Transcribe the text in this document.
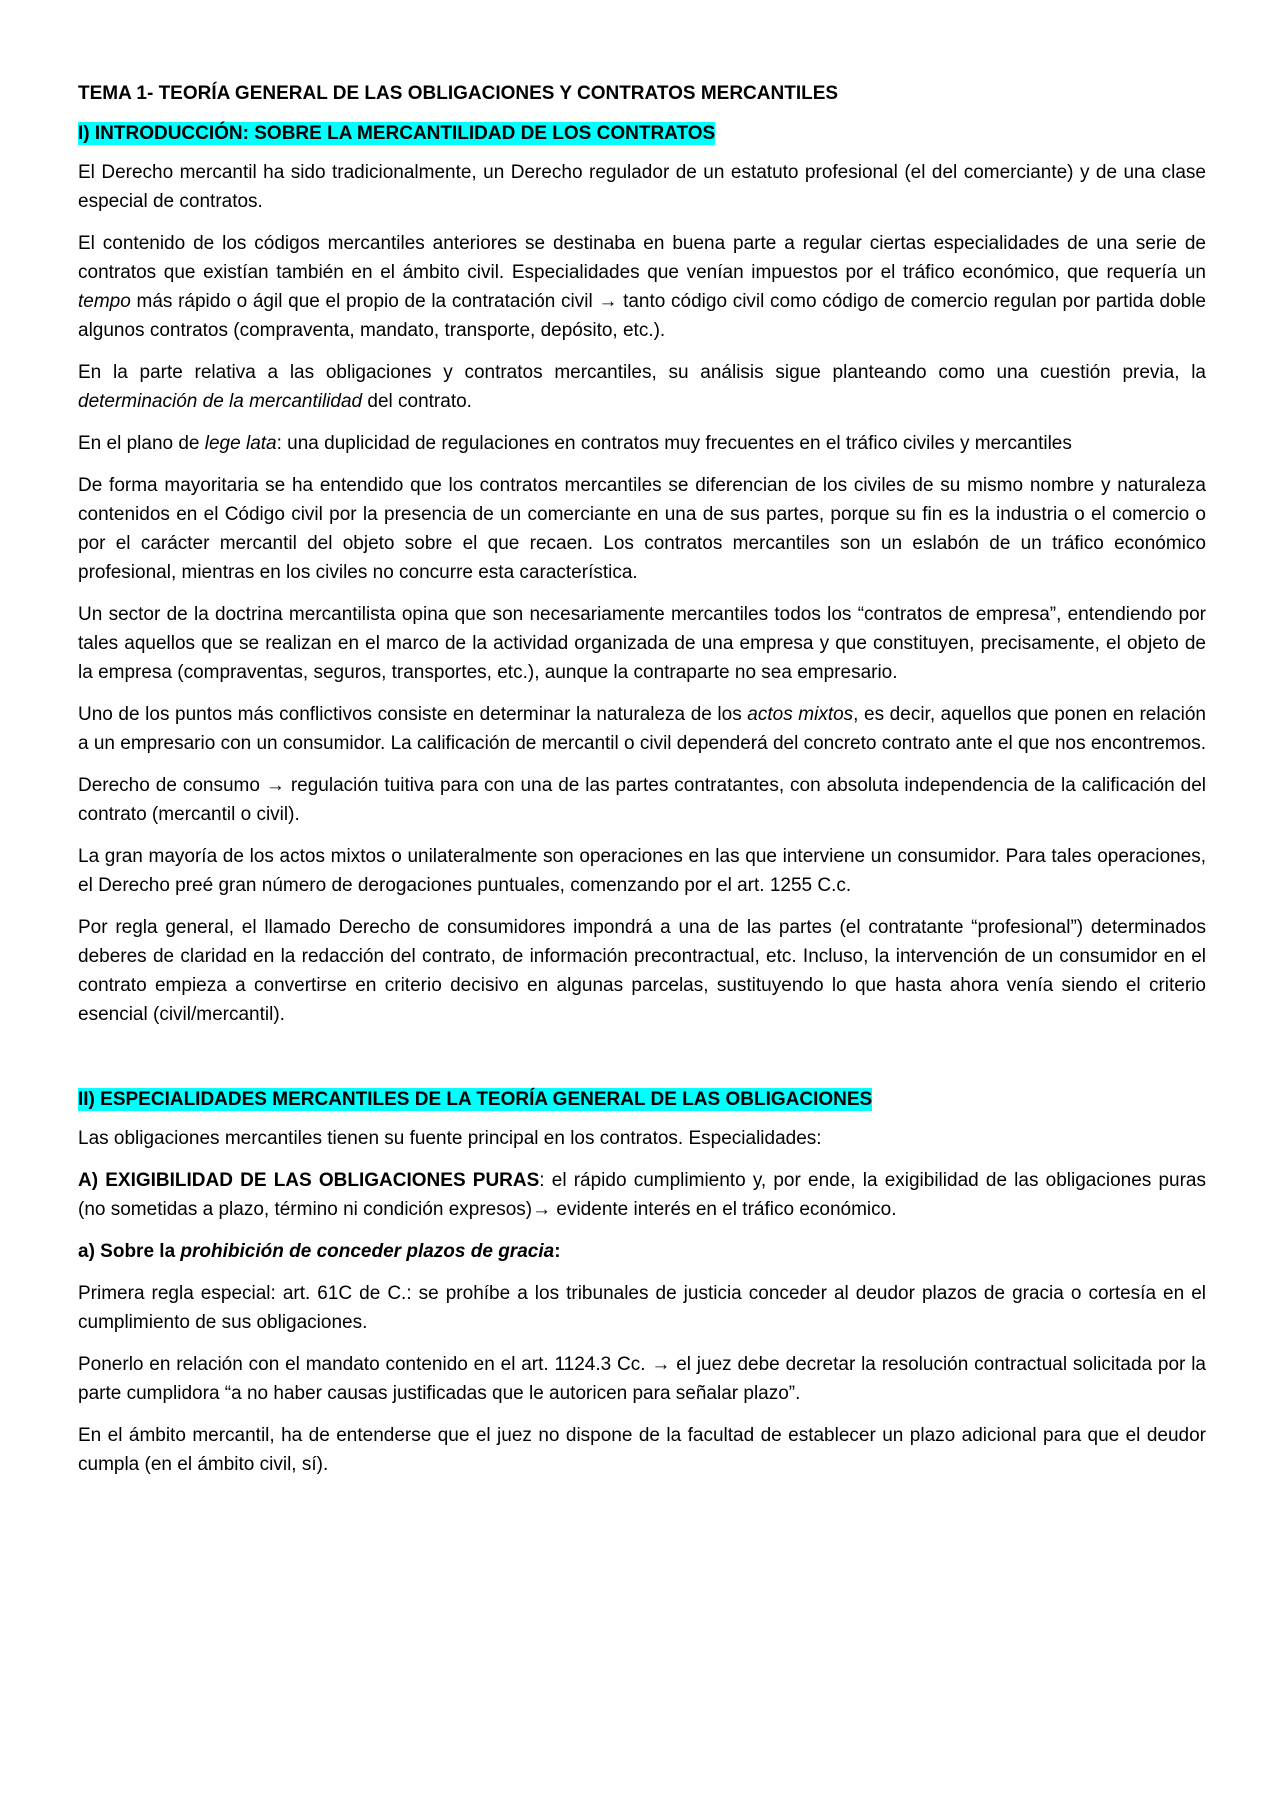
TEMA 1- TEORÍA GENERAL DE LAS OBLIGACIONES Y CONTRATOS MERCANTILES
I) INTRODUCCIÓN: SOBRE LA MERCANTILIDAD DE LOS CONTRATOS

El Derecho mercantil ha sido tradicionalmente, un Derecho regulador de un estatuto profesional (el del comerciante) y de una clase especial de contratos.

El contenido de los códigos mercantiles anteriores se destinaba en buena parte a regular ciertas especialidades de una serie de contratos que existían también en el ámbito civil. Especialidades que venían impuestos por el tráfico económico, que requería un tempo más rápido o ágil que el propio de la contratación civil → tanto código civil como código de comercio regulan por partida doble algunos contratos (compraventa, mandato, transporte, depósito, etc.).

En la parte relativa a las obligaciones y contratos mercantiles, su análisis sigue planteando como una cuestión previa, la determinación de la mercantilidad del contrato.

En el plano de lege lata: una duplicidad de regulaciones en contratos muy frecuentes en el tráfico civiles y mercantiles

De forma mayoritaria se ha entendido que los contratos mercantiles se diferencian de los civiles de su mismo nombre y naturaleza contenidos en el Código civil por la presencia de un comerciante en una de sus partes, porque su fin es la industria o el comercio o por el carácter mercantil del objeto sobre el que recaen. Los contratos mercantiles son un eslabón de un tráfico económico profesional, mientras en los civiles no concurre esta característica.

Un sector de la doctrina mercantilista opina que son necesariamente mercantiles todos los “contratos de empresa”, entendiendo por tales aquellos que se realizan en el marco de la actividad organizada de una empresa y que constituyen, precisamente, el objeto de la empresa (compraventas, seguros, transportes, etc.), aunque la contraparte no sea empresario.

Uno de los puntos más conflictivos consiste en determinar la naturaleza de los actos mixtos, es decir, aquellos que ponen en relación a un empresario con un consumidor. La calificación de mercantil o civil dependerá del concreto contrato ante el que nos encontremos.

Derecho de consumo → regulación tuitiva para con una de las partes contratantes, con absoluta independencia de la calificación del contrato (mercantil o civil).

La gran mayoría de los actos mixtos o unilateralmente son operaciones en las que interviene un consumidor. Para tales operaciones, el Derecho preé gran número de derogaciones puntuales, comenzando por el art. 1255 C.c.

Por regla general, el llamado Derecho de consumidores impondrá a una de las partes (el contratante “profesional”) determinados deberes de claridad en la redacción del contrato, de información precontractual, etc. Incluso, la intervención de un consumidor en el contrato empieza a convertirse en criterio decisivo en algunas parcelas, sustituyendo lo que hasta ahora venía siendo el criterio esencial (civil/mercantil).

II) ESPECIALIDADES MERCANTILES DE LA TEORÍA GENERAL DE LAS OBLIGACIONES

Las obligaciones mercantiles tienen su fuente principal en los contratos. Especialidades:

A) EXIGIBILIDAD DE LAS OBLIGACIONES PURAS: el rápido cumplimiento y, por ende, la exigibilidad de las obligaciones puras (no sometidas a plazo, término ni condición expresos)→ evidente interés en el tráfico económico.

a) Sobre la prohibición de conceder plazos de gracia:

Primera regla especial: art. 61C de C.: se prohíbe a los tribunales de justicia conceder al deudor plazos de gracia o cortesía en el cumplimiento de sus obligaciones.

Ponerlo en relación con el mandato contenido en el art. 1124.3 Cc. → el juez debe decretar la resolución contractual solicitada por la parte cumplidora “a no haber causas justificadas que le autoricen para señalar plazo”.

En el ámbito mercantil, ha de entenderse que el juez no dispone de la facultad de establecer un plazo adicional para que el deudor cumpla (en el ámbito civil, sí).
